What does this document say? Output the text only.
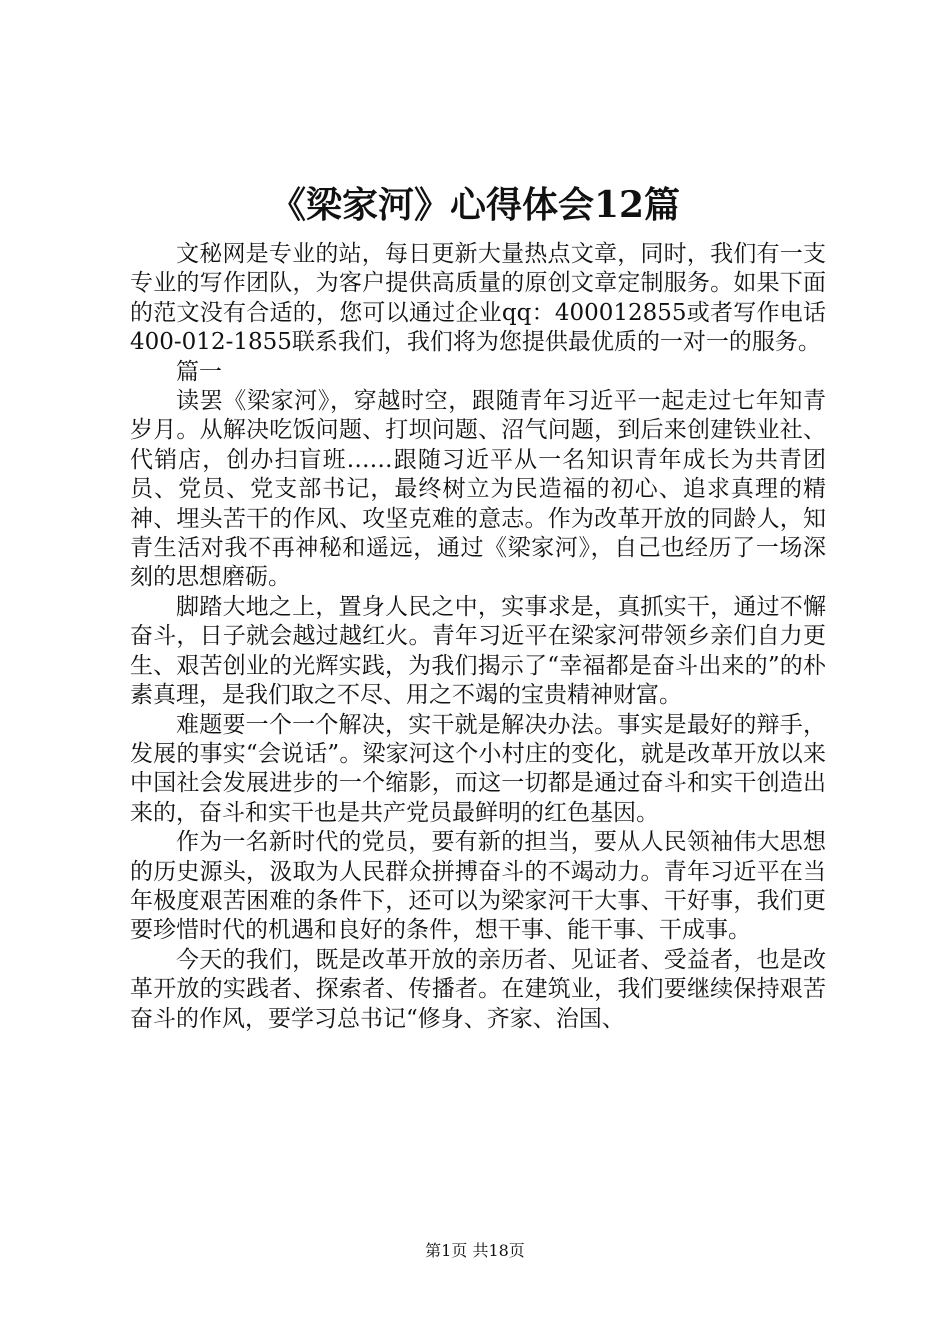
《梁家河》心得体会12篇

文秘网是专业的站，每日更新大量热点文章，同时，我们有一支专业的写作团队，为客户提供高质量的原创文章定制服务。如果下面的范文没有合适的，您可以通过企业qq：400012855或者写作电话400-012-1855联系我们，我们将为您提供最优质的一对一的服务。

篇一

读罢《梁家河》，穿越时空，跟随青年习近平一起走过七年知青岁月。从解决吃饭问题、打坝问题、沼气问题，到后来创建铁业社、代销店，创办扫盲班……跟随习近平从一名知识青年成长为共青团员、党员、党支部书记，最终树立为民造福的初心、追求真理的精神、埋头苦干的作风、攻坚克难的意志。作为改革开放的同龄人，知青生活对我不再神秘和遥远，通过《梁家河》，自己也经历了一场深刻的思想磨砺。

脚踏大地之上，置身人民之中，实事求是，真抓实干，通过不懈奋斗，日子就会越过越红火。青年习近平在梁家河带领乡亲们自力更生、艰苦创业的光辉实践，为我们揭示了“幸福都是奋斗出来的”的朴素真理，是我们取之不尽、用之不竭的宝贵精神财富。

难题要一个一个解决，实干就是解决办法。事实是最好的辩手，发展的事实“会说话”。梁家河这个小村庄的变化，就是改革开放以来中国社会发展进步的一个缩影，而这一切都是通过奋斗和实干创造出来的，奋斗和实干也是共产党员最鲜明的红色基因。

作为一名新时代的党员，要有新的担当，要从人民领袖伟大思想的历史源头，汲取为人民群众拼搏奋斗的不竭动力。青年习近平在当年极度艰苦困难的条件下，还可以为梁家河干大事、干好事，我们更要珍惜时代的机遇和良好的条件，想干事、能干事、干成事。

今天的我们，既是改革开放的亲历者、见证者、受益者，也是改革开放的实践者、探索者、传播者。在建筑业，我们要继续保持艰苦奋斗的作风，要学习总书记“修身、齐家、治国、

第1页 共18页
